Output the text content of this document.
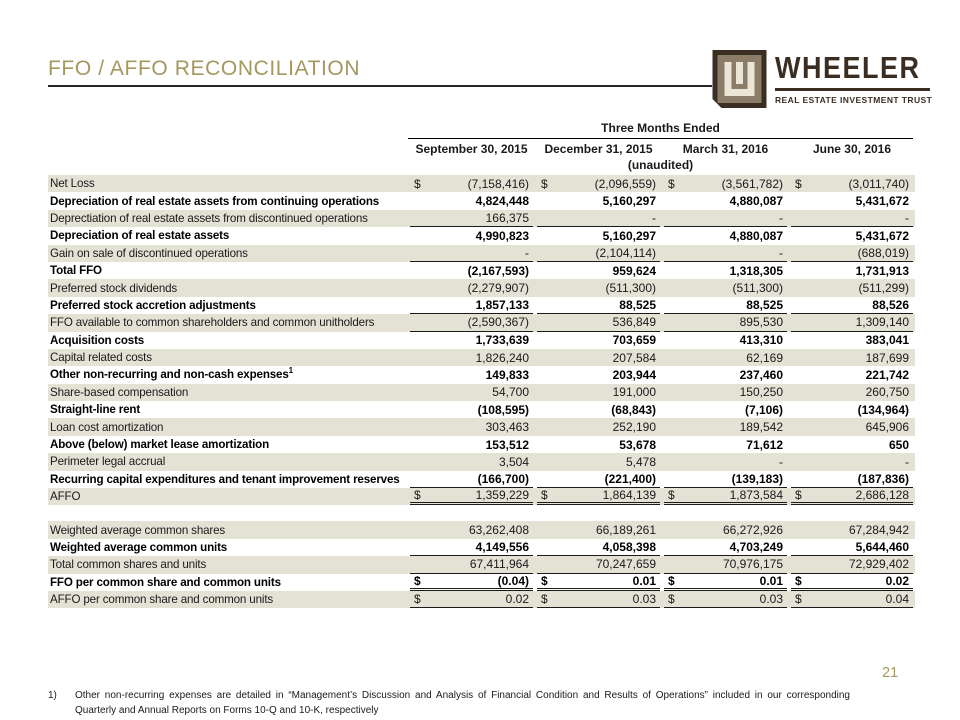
FFO / AFFO RECONCILIATION	WHEELER
REAL ESTATE INVESTMENT TRUST
Three Months Ended
September 30, 2015	December 31, 2015	March 31, 2016	June 30, 2016
(unaudited)
Net Loss	$ (7,158,416)	$ (2,096,559)	$ (3,561,782)	$ (3,011,740)

Depreciation of real estate assets from continuing operations	4,824,448	5,160,297	4,880,087	5,431,672

Deprectiation of real estate assets from discontinued operations	166,375	-	-	-

Depreciation of real estate assets	4,990,823	5,160,297	4,880,087	5,431,672

Gain on sale of discontinued operations	-	(2,104,114)	-	(688,019)

Total FFO	(2,167,593)	959,624	1,318,305	1,731,913

Preferred stock dividends	(2,279,907)	(511,300)	(511,300)	(511,299)

Preferred stock accretion adjustments	1,857,133	88,525	88,525	88,526

FFO available to common shareholders and common unitholders	(2,590,367)	536,849	895,530	1,309,140

Acquisition costs	1,733,639	703,659	413,310	383,041

Capital related costs	1,826,240	207,584	62,169	187,699

Other non-recurring and non-cash expenses$^1$	149,833	203,944	237,460	221,742

Share-based compensation	54,700	191,000	150,250	260,750

Straight-line rent	(108,595)	(68,843)	(7,106)	(134,964)

Loan cost amortization	303,463	252,190	189,542	645,906

Above (below) market lease amortization	153,512	53,678	71,612	650

Perimeter legal accrual	3,504	5,478	-	-

Recurring capital expenditures and tenant improvement reserves	(166,700)	(221,400)	(139,183)	(187,836)

AFFO	$ 1,359,229	$ 1,864,139	$ 1,873,584	$ 2,686,128
Weighted average common shares	63,262,408	66,189,261	66,272,926	67,284,942

Weighted average common units	4,149,556	4,058,398	4,703,249	5,644,460

Total common shares and units	67,411,964	70,247,659	70,976,175	72,929,402

FFO per common share and common units	$ (0.04)	$ 0.01	$ 0.01	$ 0.02

AFFO per common share and common units	$ 0.02	$ 0.03	$ 0.03	$ 0.04
1)	Other non-recurring expenses are detailed in “Management’s Discussion and Analysis of Financial Condition and Results of Operations” included in our corresponding Quarterly and Annual Reports on Forms 10-Q and 10-K, respectively
21
